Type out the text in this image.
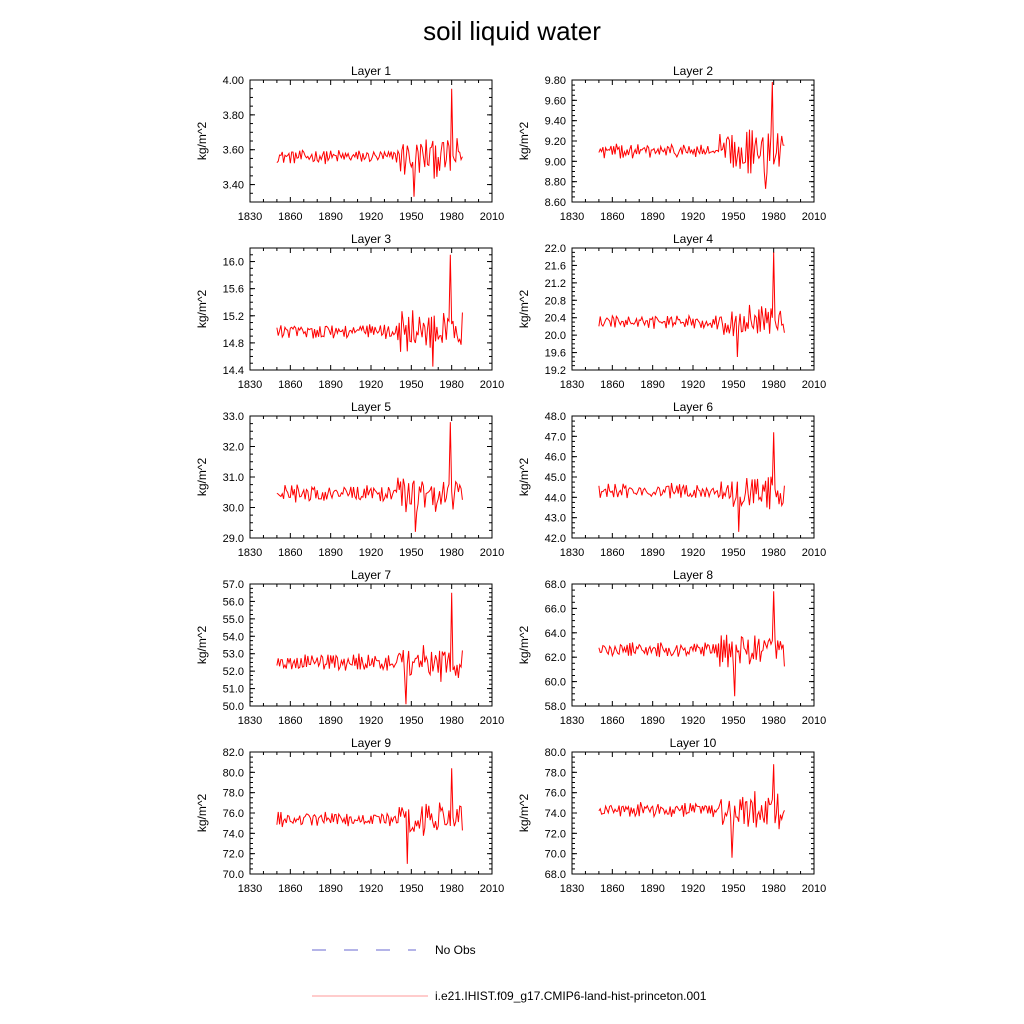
soil liquid water
Layer 1
kg/m^2
1830 1860 1890 1920 1950 1980 2010
3.40
3.60
3.80
4.00
Layer 2
kg/m^2
1830 1860 1890 1920 1950 1980 2010
8.60
8.80
9.00
9.20
9.40
9.60
9.80
Layer 3
kg/m^2
1830 1860 1890 1920 1950 1980 2010
14.4
14.8
15.2
15.6
16.0
Layer 4
kg/m^2
1830 1860 1890 1920 1950 1980 2010
19.2
19.6
20.0
20.4
20.8
21.2
21.6
22.0
Layer 5
kg/m^2
1830 1860 1890 1920 1950 1980 2010
29.0
30.0
31.0
32.0
33.0
Layer 6
kg/m^2
1830 1860 1890 1920 1950 1980 2010
42.0
43.0
44.0
45.0
46.0
47.0
48.0
Layer 7
kg/m^2
1830 1860 1890 1920 1950 1980 2010
50.0
51.0
52.0
53.0
54.0
55.0
56.0
57.0
Layer 8
kg/m^2
1830 1860 1890 1920 1950 1980 2010
58.0
60.0
62.0
64.0
66.0
68.0
Layer 9
kg/m^2
1830 1860 1890 1920 1950 1980 2010
70.0
72.0
74.0
76.0
78.0
80.0
82.0
Layer 10
kg/m^2
1830 1860 1890 1920 1950 1980 2010
68.0
70.0
72.0
74.0
76.0
78.0
80.0
No Obs
i.e21.IHIST.f09_g17.CMIP6-land-hist-princeton.001
